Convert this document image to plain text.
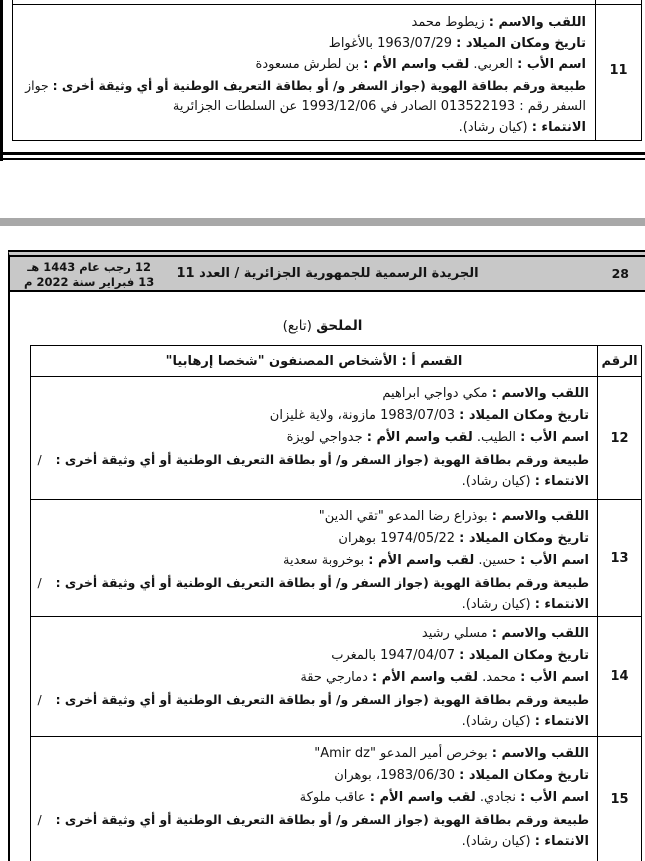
اللقب والاسم : زيطوط محمد
تاريخ ومكان الميلاد : 1963/07/29 بالأغواط
اسم الأب : العربي. لقب واسم الأم : بن لطرش مسعودة
طبيعة ورقم بطاقة الهوية (جواز السفر و/ أو بطاقة التعريف الوطنية أو أي وثيقة أخرى : جواز
السفر رقم : 013522193 الصادر في 1993/12/06 عن السلطات الجزائرية
الانتماء : (كيان رشاد).
11
12 رجب عام 1443 هـ
13 فبراير سنة 2022 م
الجريدة الرسمية للجمهورية الجزائرية / العدد 11	28
الملحق (تابع)
القسم أ : الأشخاص المصنفون "شخصا إرهابيا"	الرقم
اللقب والاسم : مكي دواجي ابراهيم
تاريخ ومكان الميلاد : 1983/07/03 مازونة، ولاية غليزان
اسم الأب : الطيب. لقب واسم الأم : جدواجي لويزة
طبيعة ورقم بطاقة الهوية (جواز السفر و/ أو بطاقة التعريف الوطنية أو أي وثيقة أخرى :/
الانتماء : (كيان رشاد).
12
اللقب والاسم : بوذراع رضا المدعو "تقي الدين"
تاريخ ومكان الميلاد : 1974/05/22 بوهران
اسم الأب : حسين. لقب واسم الأم : بوخروبة سعدية
طبيعة ورقم بطاقة الهوية (جواز السفر و/ أو بطاقة التعريف الوطنية أو أي وثيقة أخرى :/
الانتماء : (كيان رشاد).
13
اللقب والاسم : مسلي رشيد
تاريخ ومكان الميلاد : 1947/04/07 بالمغرب
اسم الأب : محمد. لقب واسم الأم : دمارجي حقة
طبيعة ورقم بطاقة الهوية (جواز السفر و/ أو بطاقة التعريف الوطنية أو أي وثيقة أخرى :/
الانتماء : (كيان رشاد).
14
اللقب والاسم : بوخرص أمير المدعو "Amir dz"
تاريخ ومكان الميلاد : 1983/06/30، بوهران
اسم الأب : نجادي. لقب واسم الأم : عاقب ملوكة
طبيعة ورقم بطاقة الهوية (جواز السفر و/ أو بطاقة التعريف الوطنية أو أي وثيقة أخرى :/
الانتماء : (كيان رشاد).
15
